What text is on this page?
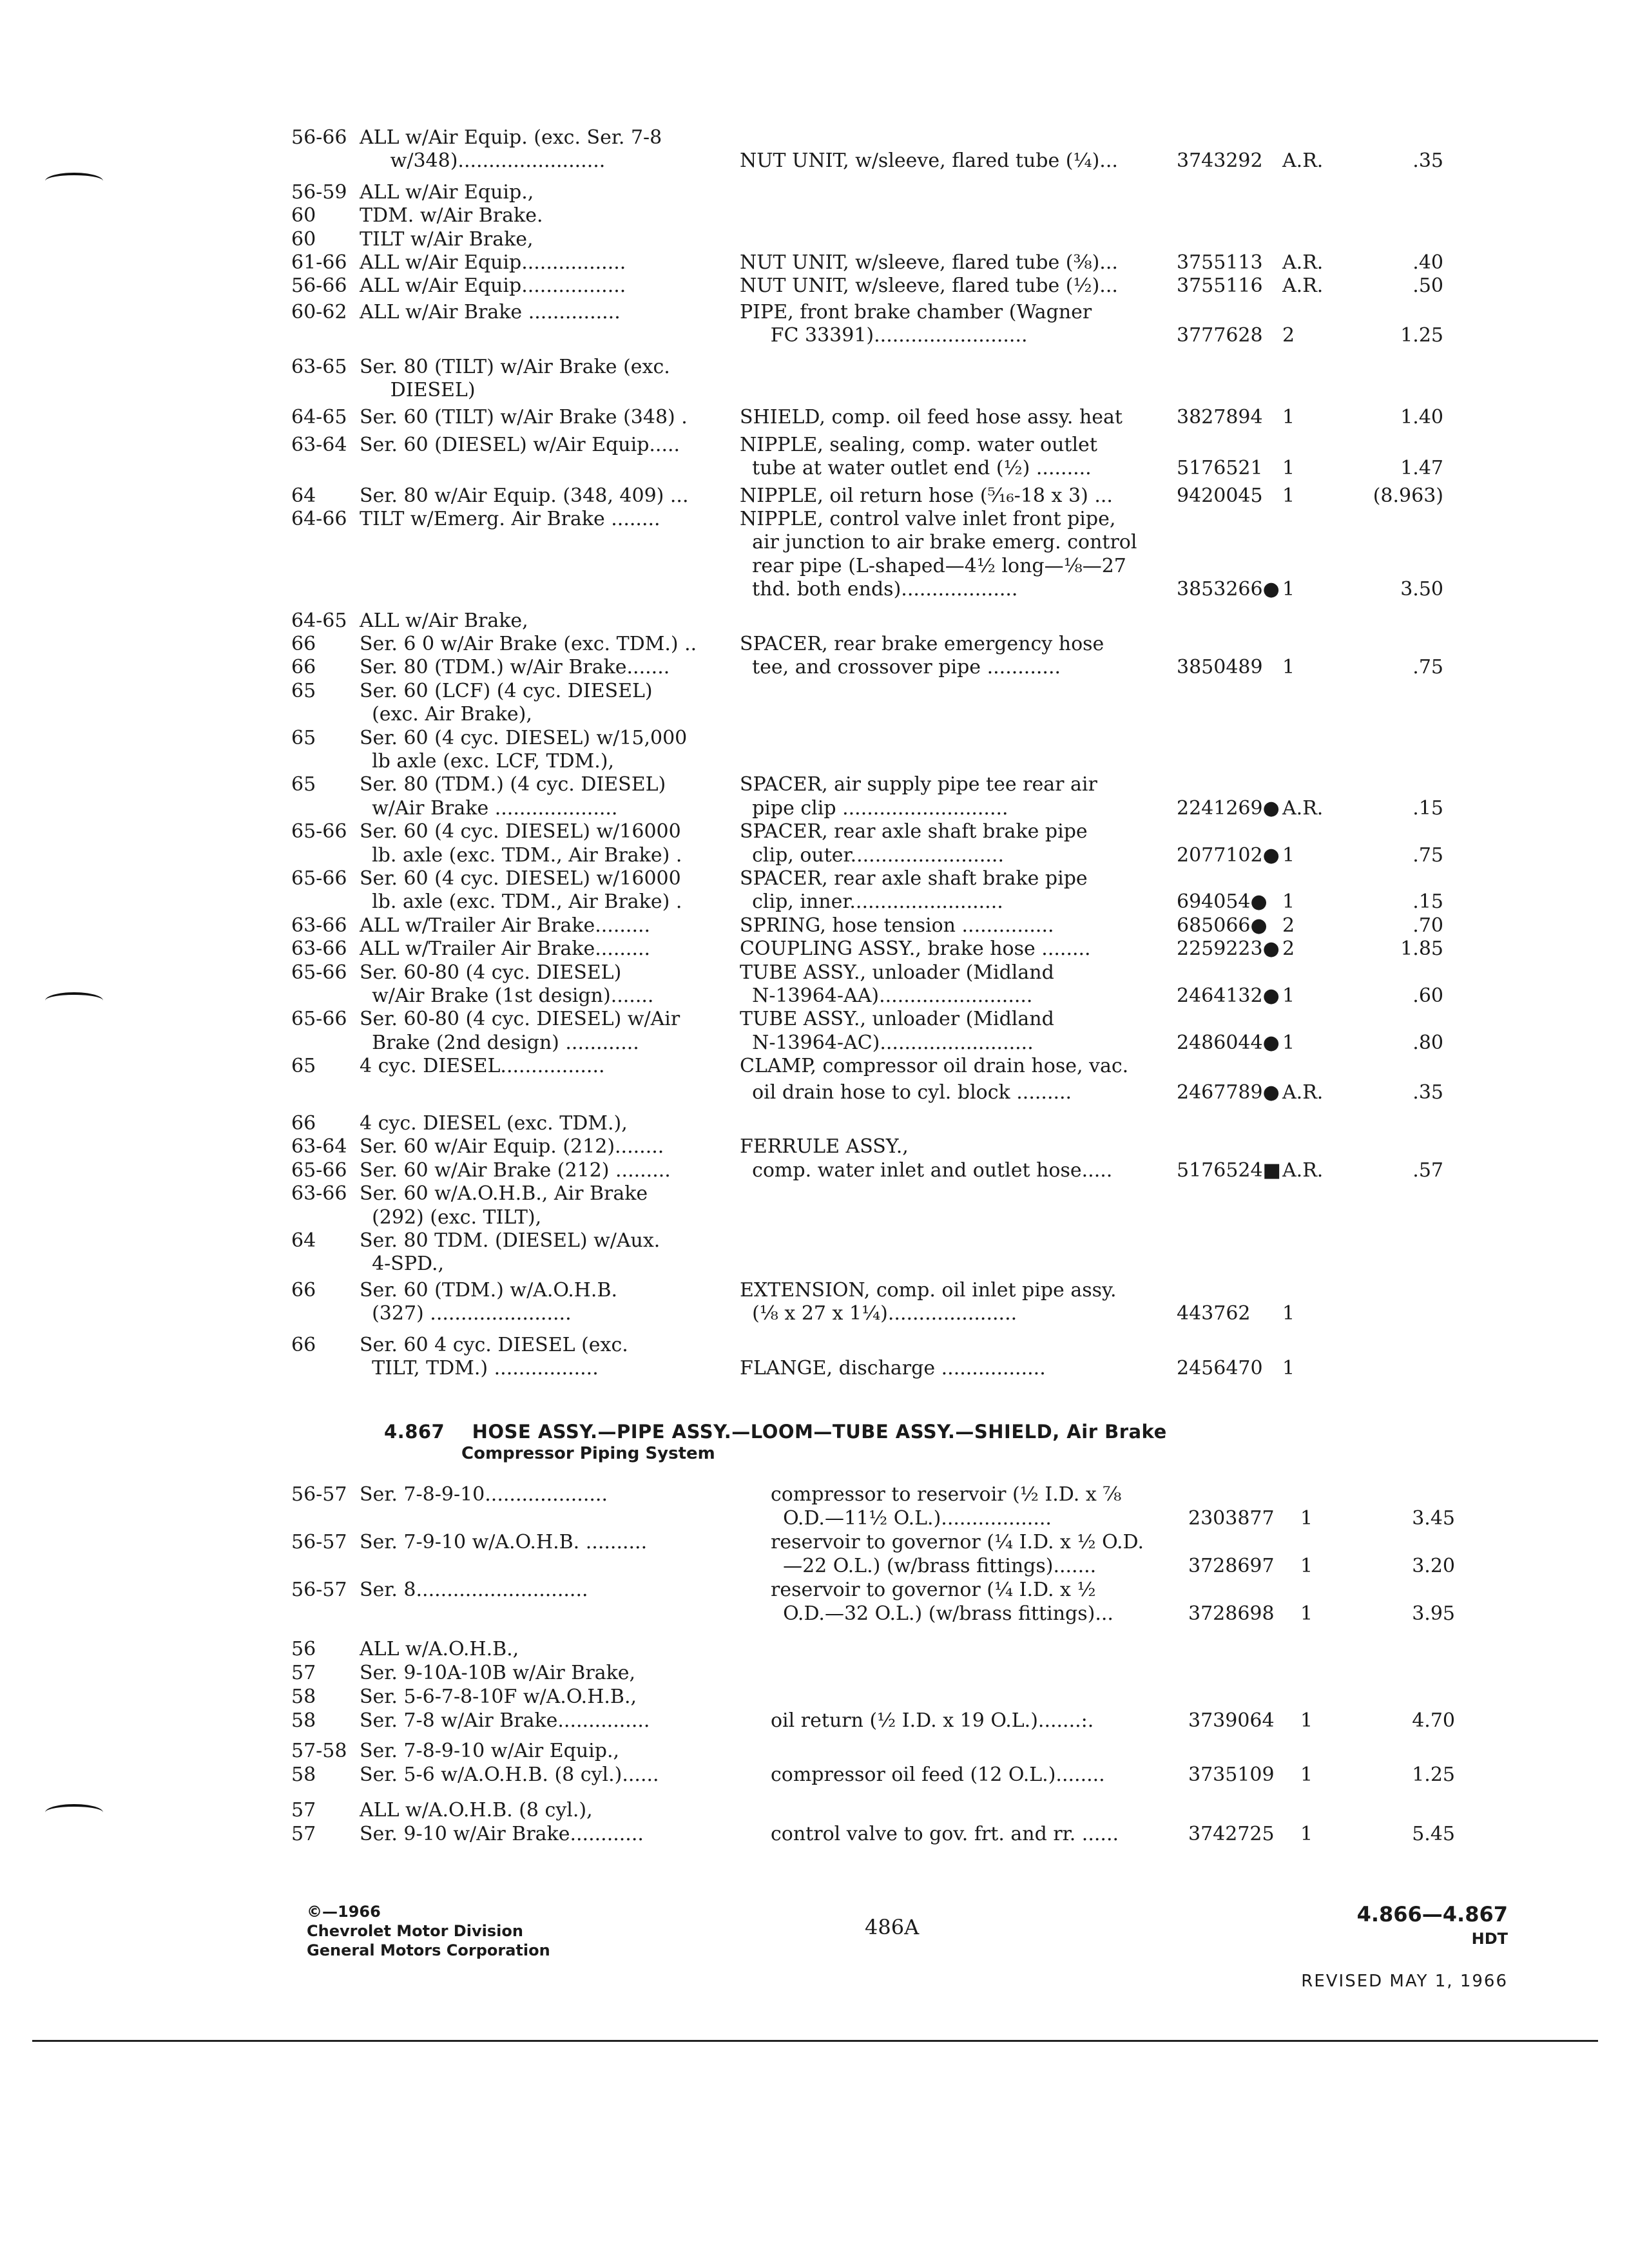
56-66 ALL w/Air Equip. (exc. Ser. 7-8
w/348)........................	NUT UNIT, w/sleeve, flared tube (¼)...	3743292 A.R.	.35
56-59 ALL w/Air Equip.,
60 TDM. w/Air Brake.
60 TILT w/Air Brake,
61-66 ALL w/Air Equip.................	NUT UNIT, w/sleeve, flared tube (⅜)...	3755113 A.R.	.40
56-66 ALL w/Air Equip.................	NUT UNIT, w/sleeve, flared tube (½)...	3755116 A.R.	.50
60-62 ALL w/Air Brake ...............	PIPE, front brake chamber (Wagner
FC 33391).........................	3777628 2	1.25
63-65 Ser. 80 (TILT) w/Air Brake (exc.
DIESEL)
64-65 Ser. 60 (TILT) w/Air Brake (348) .	SHIELD, comp. oil feed hose assy. heat	3827894 1	1.40
63-64 Ser. 60 (DIESEL) w/Air Equip.....	NIPPLE, sealing, comp. water outlet
tube at water outlet end (½) .........	5176521 1	1.47
64 Ser. 80 w/Air Equip. (348, 409) ...	NIPPLE, oil return hose (⁵⁄₁₆-18 x 3) ...	9420045 1	(8.963)
64-66 TILT w/Emerg. Air Brake ........	NIPPLE, control valve inlet front pipe,
air junction to air brake emerg. control
rear pipe (L-shaped—4½ long—⅛—27
thd. both ends)...................	3853266● 1	3.50
64-65 ALL w/Air Brake,
66 Ser. 6 0 w/Air Brake (exc. TDM.) .. SPACER, rear brake emergency hose
66 Ser. 80 (TDM.) w/Air Brake.......	tee, and crossover pipe ............	3850489 1	.75
65 Ser. 60 (LCF) (4 cyc. DIESEL)
(exc. Air Brake),
65 Ser. 60 (4 cyc. DIESEL) w/15,000
lb axle (exc. LCF, TDM.),
65 Ser. 80 (TDM.) (4 cyc. DIESEL)	SPACER, air supply pipe tee rear air
w/Air Brake ....................	pipe clip ...........................	2241269● A.R.	.15
65-66 Ser. 60 (4 cyc. DIESEL) w/16000	SPACER, rear axle shaft brake pipe
lb. axle (exc. TDM., Air Brake) .	clip, outer.........................	2077102● 1	.75
65-66 Ser. 60 (4 cyc. DIESEL) w/16000	SPACER, rear axle shaft brake pipe
lb. axle (exc. TDM., Air Brake) .	clip, inner.........................	694054● 1	.15
63-66 ALL w/Trailer Air Brake.........	SPRING, hose tension ...............	685066● 2	.70
63-66 ALL w/Trailer Air Brake.........	COUPLING ASSY., brake hose ........	2259223● 2	1.85
65-66 Ser. 60-80 (4 cyc. DIESEL)	TUBE ASSY., unloader (Midland
w/Air Brake (1st design).......	N-13964-AA).........................	2464132● 1	.60
65-66 Ser. 60-80 (4 cyc. DIESEL) w/Air	TUBE ASSY., unloader (Midland
Brake (2nd design) ............	N-13964-AC).........................	2486044● 1	.80
65 4 cyc. DIESEL.................	CLAMP, compressor oil drain hose, vac.
oil drain hose to cyl. block .........	2467789● A.R.	.35
66 4 cyc. DIESEL (exc. TDM.),
63-64 Ser. 60 w/Air Equip. (212)........	FERRULE ASSY.,
65-66 Ser. 60 w/Air Brake (212) .........	comp. water inlet and outlet hose.....	5176524■ A.R.	.57
63-66 Ser. 60 w/A.O.H.B., Air Brake
(292) (exc. TILT),
64 Ser. 80 TDM. (DIESEL) w/Aux.
4-SPD.,
66 Ser. 60 (TDM.) w/A.O.H.B.	EXTENSION, comp. oil inlet pipe assy.
(327) .......................	(⅛ x 27 x 1¼).....................	443762 1
66 Ser. 60 4 cyc. DIESEL (exc.
TILT, TDM.) .................	FLANGE, discharge .................	2456470 1
4.867 HOSE ASSY.—PIPE ASSY.—LOOM—TUBE ASSY.—SHIELD, Air Brake
Compressor Piping System
56-57 Ser. 7-8-9-10....................	compressor to reservoir (½ I.D. x ⅞
O.D.—11½ O.L.)..................	2303877 1	3.45
56-57 Ser. 7-9-10 w/A.O.H.B. ..........	reservoir to governor (¼ I.D. x ½ O.D.
—22 O.L.) (w/brass fittings).......	3728697 1	3.20
56-57 Ser. 8............................	reservoir to governor (¼ I.D. x ½
O.D.—32 O.L.) (w/brass fittings)...	3728698 1	3.95
56 ALL w/A.O.H.B.,
57 Ser. 9-10A-10B w/Air Brake,
58 Ser. 5-6-7-8-10F w/A.O.H.B.,
58 Ser. 7-8 w/Air Brake...............	oil return (½ I.D. x 19 O.L.).......:.	3739064 1	4.70
57-58 Ser. 7-8-9-10 w/Air Equip.,
58 Ser. 5-6 w/A.O.H.B. (8 cyl.)......	compressor oil feed (12 O.L.)........	3735109 1	1.25
57 ALL w/A.O.H.B. (8 cyl.),
57 Ser. 9-10 w/Air Brake............	control valve to gov. frt. and rr. ......	3742725 1	5.45
©—1966
Chevrolet Motor Division
General Motors Corporation
486A
4.866—4.867
HDT
REVISED MAY 1, 1966
